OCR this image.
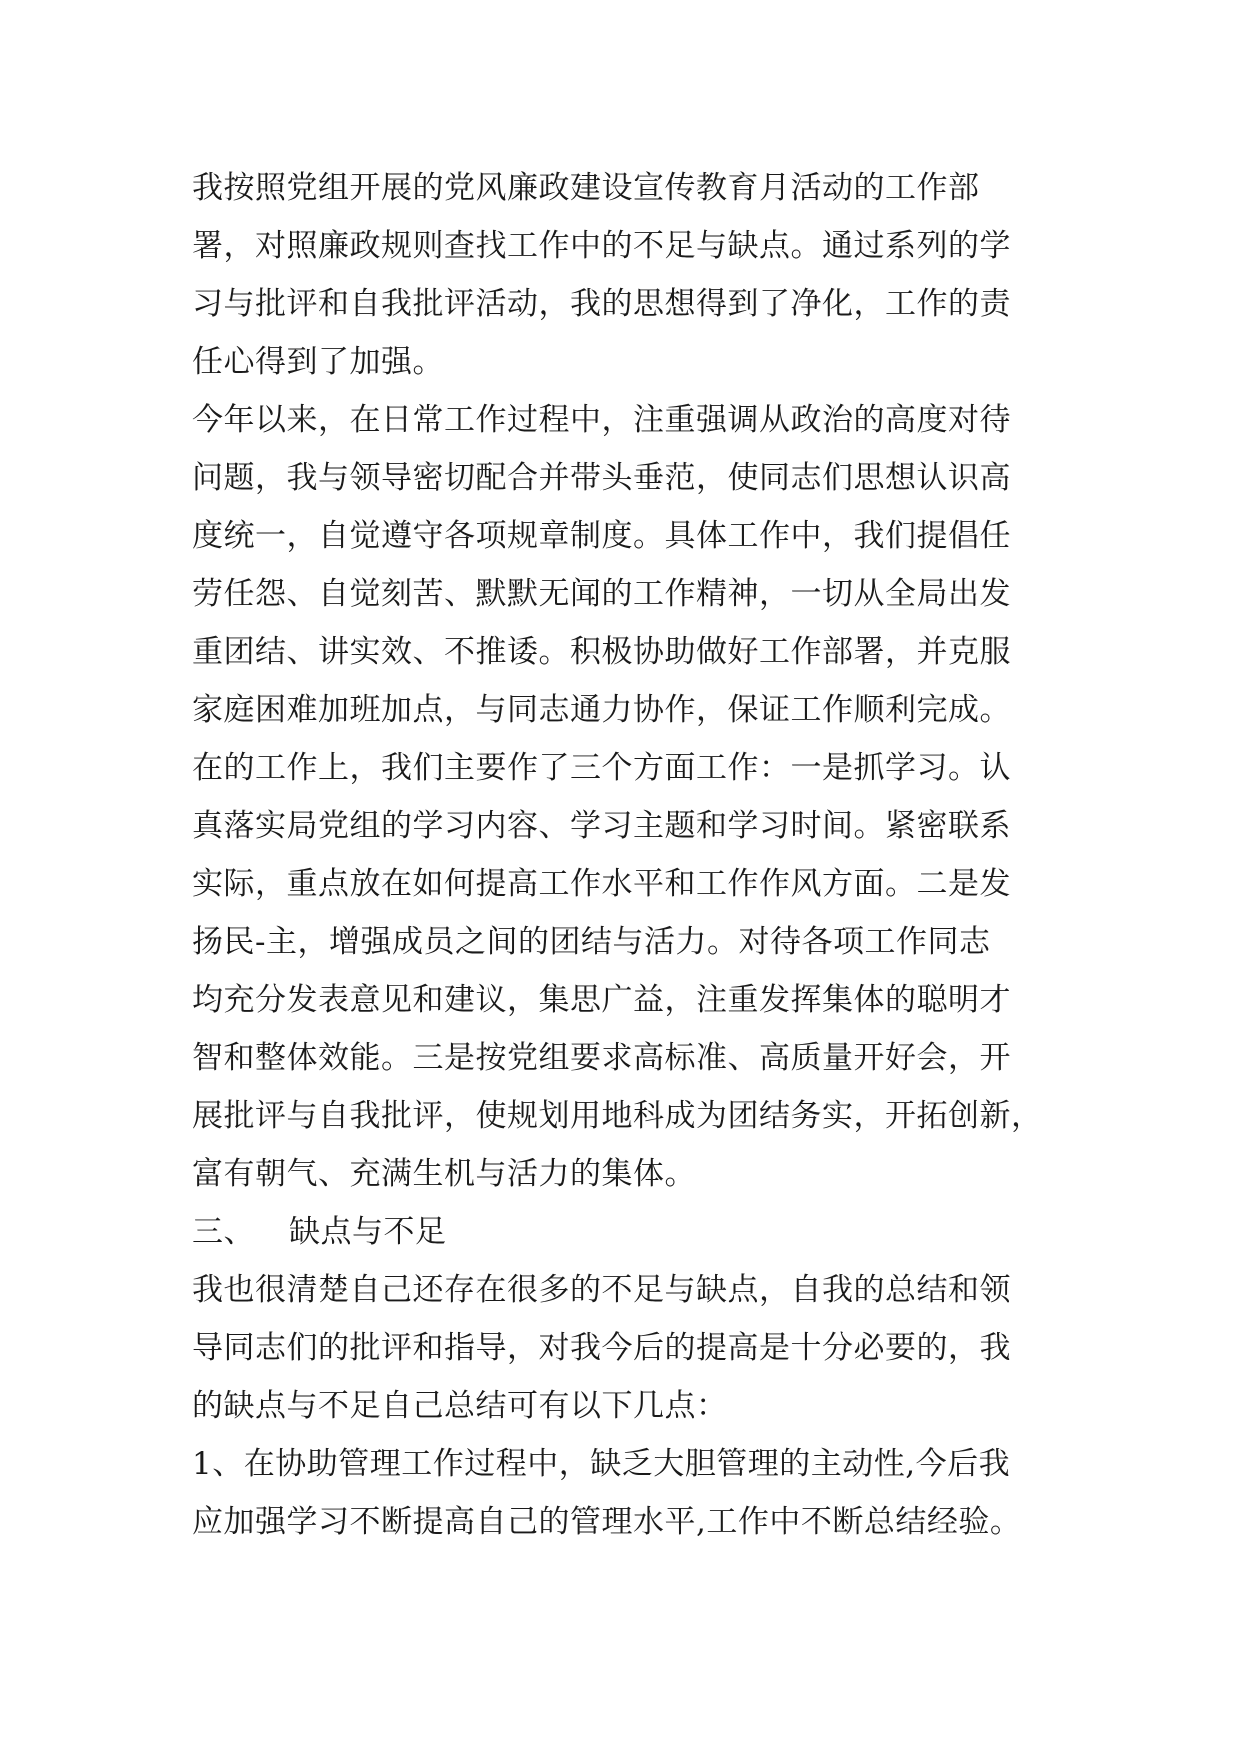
我按照党组开展的党风廉政建设宣传教育月活动的工作部
署，对照廉政规则查找工作中的不足与缺点。通过系列的学
习与批评和自我批评活动，我的思想得到了净化，工作的责
任心得到了加强。
今年以来，在日常工作过程中，注重强调从政治的高度对待
问题，我与领导密切配合并带头垂范，使同志们思想认识高
度统一，自觉遵守各项规章制度。具体工作中，我们提倡任
劳任怨、自觉刻苦、默默无闻的工作精神，一切从全局出发
重团结、讲实效、不推诿。积极协助做好工作部署，并克服
家庭困难加班加点，与同志通力协作，保证工作顺利完成。
在的工作上，我们主要作了三个方面工作：一是抓学习。认
真落实局党组的学习内容、学习主题和学习时间。紧密联系
实际，重点放在如何提高工作水平和工作作风方面。二是发
扬民-主，增强成员之间的团结与活力。对待各项工作同志
均充分发表意见和建议，集思广益，注重发挥集体的聪明才
智和整体效能。三是按党组要求高标准、高质量开好会，开
展批评与自我批评，使规划用地科成为团结务实，开拓创新，
富有朝气、充满生机与活力的集体。
三、 缺点与不足
我也很清楚自己还存在很多的不足与缺点，自我的总结和领
导同志们的批评和指导，对我今后的提高是十分必要的，我
的缺点与不足自己总结可有以下几点：
1、在协助管理工作过程中，缺乏大胆管理的主动性,今后我
应加强学习不断提高自己的管理水平,工作中不断总结经验。
